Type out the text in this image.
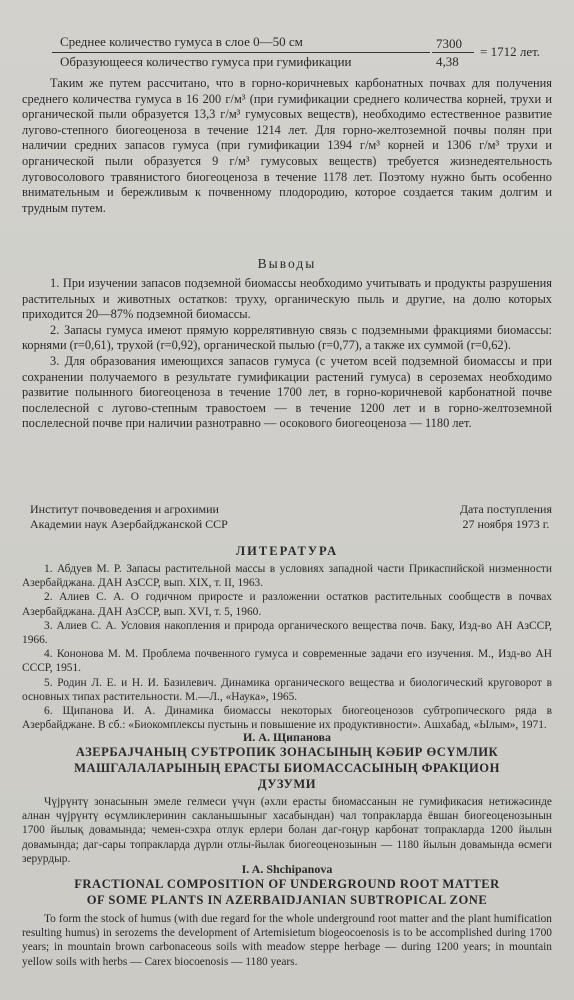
Среднее количество гумуса в слое 0—50 см
Образующееся количество гумуса при гумификации
7300
4,38
= 1712 лет.

Таким же путем рассчитано, что в горно-коричневых карбонатных почвах для получения среднего количества гумуса в 16 200 г/м³ (при гумификации среднего количества корней, трухи и органической пыли образуется 13,3 г/м³ гумусовых веществ), необходимо естественное развитие лугово-степного биогеоценоза в течение 1214 лет. Для горно-желтоземной почвы полян при наличии средних запасов гумуса (при гумификации 1394 г/м³ корней и 1306 г/м³ трухи и органической пыли образуется 9 г/м³ гумусовых веществ) требуется жизнедеятельность луговосолового травянистого биогеоценоза в течение 1178 лет. Поэтому нужно быть особенно внимательным и бережливым к почвенному плодородию, которое создается таким долгим и трудным путем.

Выводы

1. При изучении запасов подземной биомассы необходимо учитывать и продукты разрушения растительных и животных остатков: труху, органическую пыль и другие, на долю которых приходится 20—87% подземной биомассы.

2. Запасы гумуса имеют прямую коррелятивную связь с подземными фракциями биомассы: корнями (r=0,61), трухой (r=0,92), органической пылью (r=0,77), а также их суммой (r=0,62).

3. Для образования имеющихся запасов гумуса (с учетом всей подземной биомассы и при сохранении получаемого в результате гумификации растений гумуса) в сероземах необходимо развитие полынного биогеоценоза в течение 1700 лет, в горно-коричневой карбонатной почве послелесной с лугово-степным травостоем — в течение 1200 лет и в горно-желтоземной послелесной почве при наличии разнотравно — осокового биогеоценоза — 1180 лет.

Институт почвоведения и агрохимии
Академии наук Азербайджанской ССР
Дата поступления
27 ноября 1973 г.
ЛИТЕРАТУРА

1. Абдуев М. Р. Запасы растительной массы в условиях западной части Прикаспийской низменности Азербайджана. ДАН АзССР, вып. XIX, т. II, 1963.

2. Алиев С. А. О годичном приросте и разложении остатков растительных сообществ в почвах Азербайджана. ДАН АзССР, вып. XVI, т. 5, 1960.

3. Алиев С. А. Условия накопления и природа органического вещества почв. Баку, Изд-во АН АзССР, 1966.

4. Кононова М. М. Проблема почвенного гумуса и современные задачи его изучения. М., Изд-во АН СССР, 1951.

5. Родин Л. Е. и Н. И. Базилевич. Динамика органического вещества и биологический круговорот в основных типах растительности. М.—Л., «Наука», 1965.

6. Щипанова И. А. Динамика биомассы некоторых биогеоценозов субтропического ряда в Азербайджане. В сб.: «Биокомплексы пустынь и повышение их продуктивности». Ашхабад, «Ылым», 1971.

И. А. Щипанова
АЗЕРБАЈЧАНЫҢ СУБТРОПИК ЗОНАСЫНЫҢ КӘБИР ӨСҮМЛИК
МАШГАЛАЛАРЫНЫҢ ЕРАСТЫ БИОМАССАСЫНЫҢ ФРАКЦИОН
ДУЗУМИ

Чүјрүнтү зонасынын эмеле гелмеси үчүн (әхли ерасты биомассанын не гумификасия нетижәсинде алнан чүјрүнтү өсүмликлеринин сакланышыныг хасабындан) чал топракларда ёвшан биогеоценозынын 1700 йылық довамында; чемен-сэхра отлук ерлери болан даг-гоңур карбонат топракларда 1200 йылын довамында; даг-сары топракларда дүрли отлы-йылак биогеоценозынын — 1180 йылын довамында өсмеги зерурдыр.

I. A. Shchipanova
FRACTIONAL COMPOSITION OF UNDERGROUND ROOT MATTER
OF SOME PLANTS IN AZERBAIDJANIAN SUBTROPICAL ZONE

To form the stock of humus (with due regard for the whole underground root matter and the plant humification resulting humus) in serozems the development of Artemisietum biogeocoenosis is to be accomplished during 1700 years; in mountain brown carbonaceous soils with meadow steppe herbage — during 1200 years; in mountain yellow soils with herbs — Carex biocoenosis — 1180 years.
